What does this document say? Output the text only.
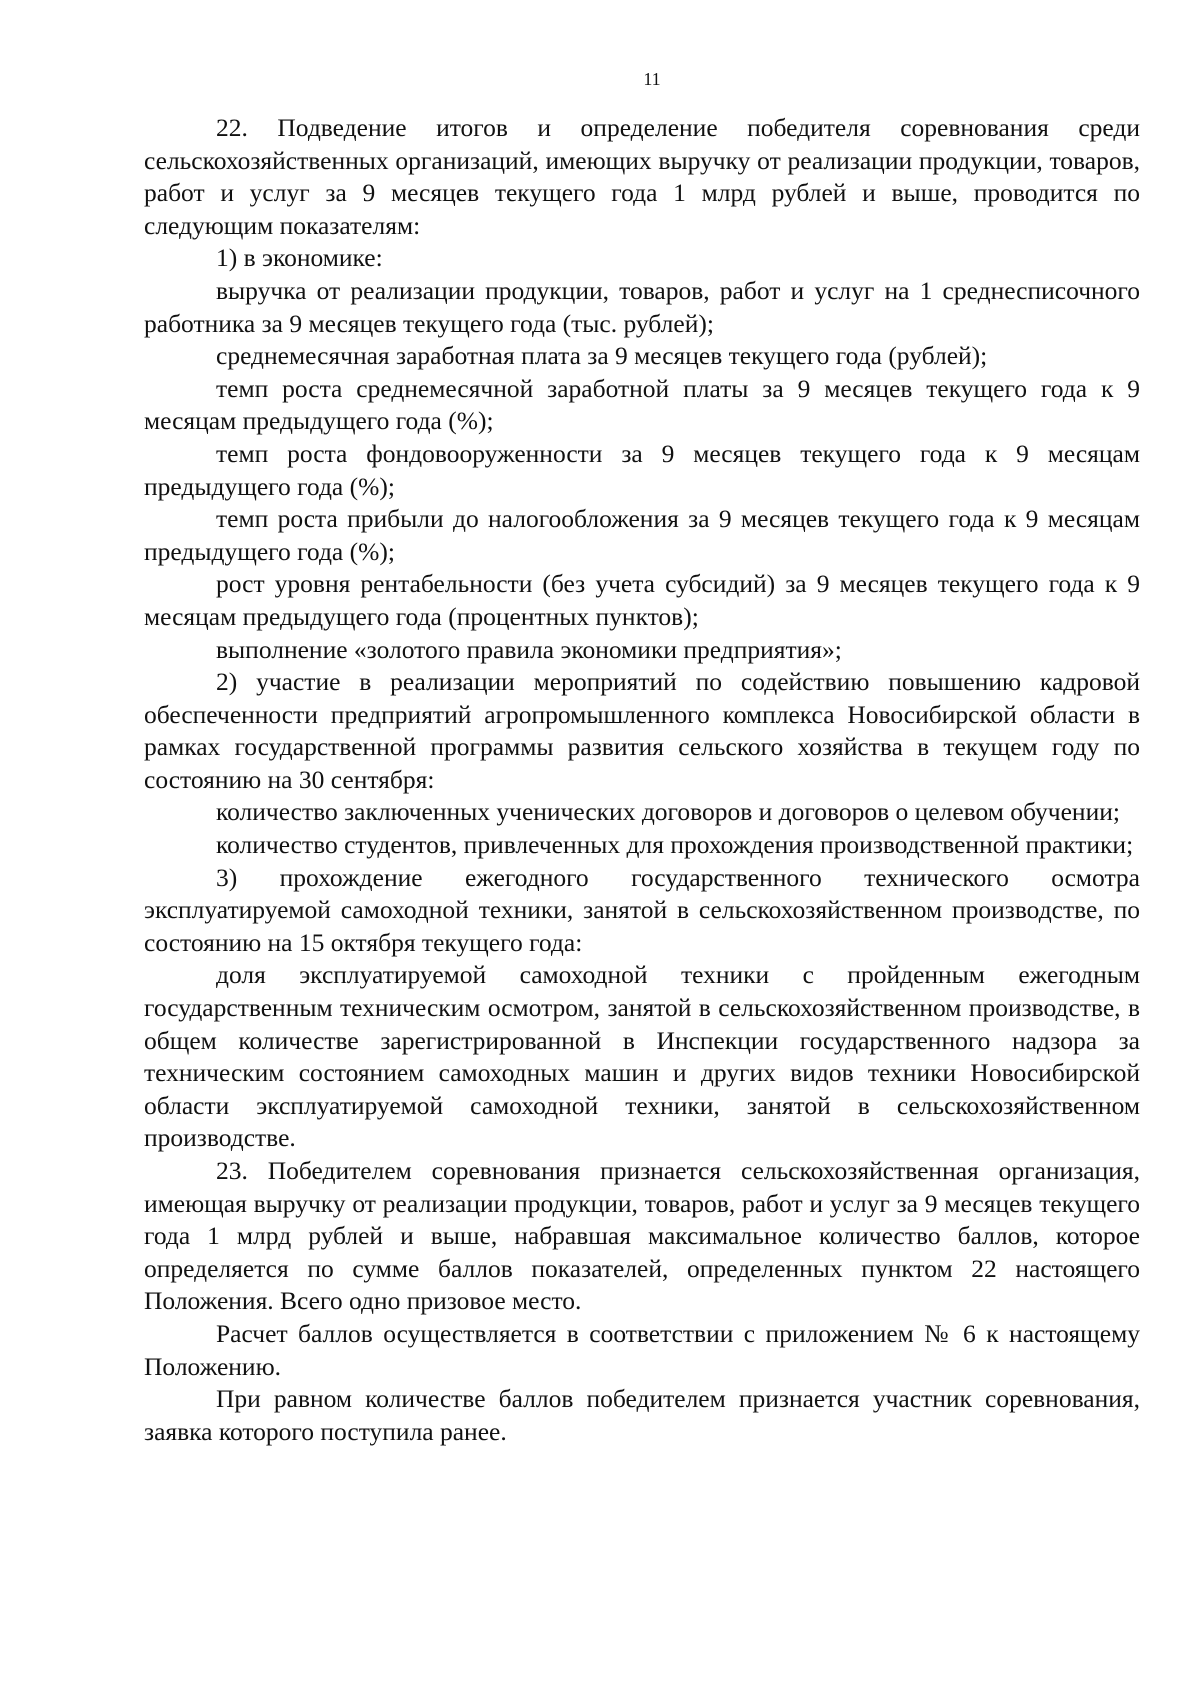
11

22. Подведение итогов и определение победителя соревнования среди сельскохозяйственных организаций, имеющих выручку от реализации продукции, товаров, работ и услуг за 9 месяцев текущего года 1 млрд рублей и выше, проводится по следующим показателям:

1) в экономике:

выручка от реализации продукции, товаров, работ и услуг на 1 среднесписочного работника за 9 месяцев текущего года (тыс. рублей);

среднемесячная заработная плата за 9 месяцев текущего года (рублей);

темп роста среднемесячной заработной платы за 9 месяцев текущего года к 9 месяцам предыдущего года (%);

темп роста фондовооруженности за 9 месяцев текущего года к 9 месяцам предыдущего года (%);

темп роста прибыли до налогообложения за 9 месяцев текущего года к 9 месяцам предыдущего года (%);

рост уровня рентабельности (без учета субсидий) за 9 месяцев текущего года к 9 месяцам предыдущего года (процентных пунктов);

выполнение «золотого правила экономики предприятия»;

2) участие в реализации мероприятий по содействию повышению кадровой обеспеченности предприятий агропромышленного комплекса Новосибирской области в рамках государственной программы развития сельского хозяйства в текущем году по состоянию на 30 сентября:

количество заключенных ученических договоров и договоров о целевом обучении;

количество студентов, привлеченных для прохождения производственной практики;

3) прохождение ежегодного государственного технического осмотра эксплуатируемой самоходной техники, занятой в сельскохозяйственном производстве, по состоянию на 15 октября текущего года:

доля эксплуатируемой самоходной техники с пройденным ежегодным государственным техническим осмотром, занятой в сельскохозяйственном производстве, в общем количестве зарегистрированной в Инспекции государственного надзора за техническим состоянием самоходных машин и других видов техники Новосибирской области эксплуатируемой самоходной техники, занятой в сельскохозяйственном производстве.

23. Победителем соревнования признается сельскохозяйственная организация, имеющая выручку от реализации продукции, товаров, работ и услуг за 9 месяцев текущего года 1 млрд рублей и выше, набравшая максимальное количество баллов, которое определяется по сумме баллов показателей, определенных пунктом 22 настоящего Положения. Всего одно призовое место.

Расчет баллов осуществляется в соответствии с приложением № 6 к настоящему Положению.

При равном количестве баллов победителем признается участник соревнования, заявка которого поступила ранее.
